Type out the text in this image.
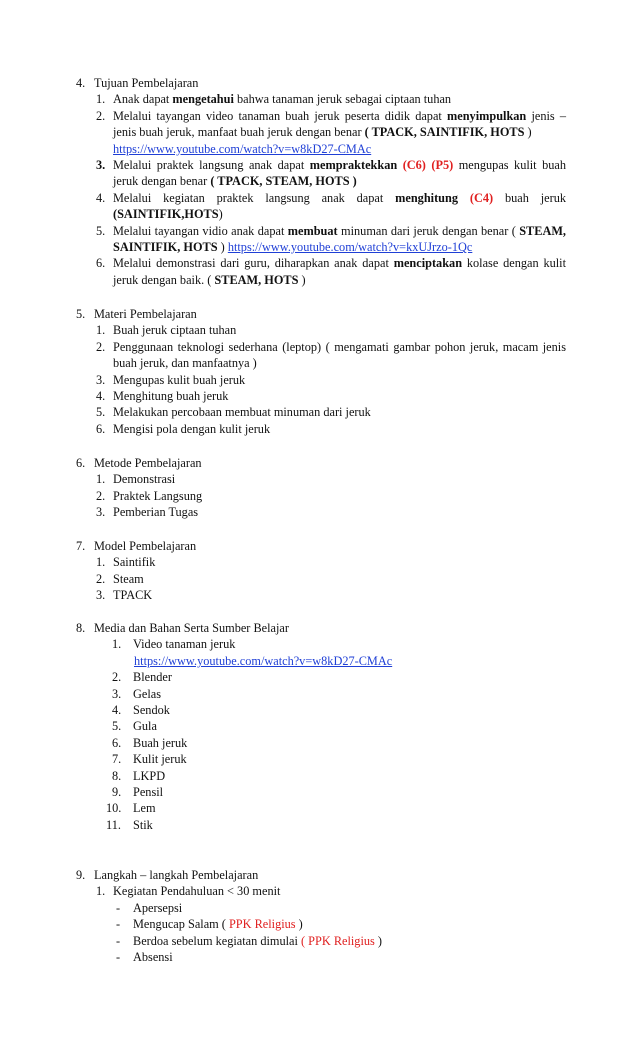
4. Tujuan Pembelajaran
1. Anak dapat mengetahui bahwa tanaman jeruk sebagai ciptaan tuhan
2. Melalui tayangan video tanaman buah jeruk peserta didik dapat menyimpulkan jenis – jenis buah jeruk, manfaat buah jeruk dengan benar ( TPACK, SAINTIFIK, HOTS )
https://www.youtube.com/watch?v=w8kD27-CMAc
3. Melalui praktek langsung anak dapat mempraktekkan (C6) (P5) mengupas kulit buah jeruk dengan benar ( TPACK, STEAM, HOTS )
4. Melalui kegiatan praktek langsung anak dapat menghitung (C4) buah jeruk (SAINTIFIK,HOTS)
5. Melalui tayangan vidio anak dapat membuat minuman dari jeruk dengan benar ( STEAM, SAINTIFIK, HOTS ) https://www.youtube.com/watch?v=kxUJrzo-1Qc
6. Melalui demonstrasi dari guru, diharapkan anak dapat menciptakan kolase dengan kulit jeruk dengan baik. ( STEAM, HOTS )
5. Materi Pembelajaran
1. Buah jeruk ciptaan tuhan
2. Penggunaan teknologi sederhana (leptop) ( mengamati gambar pohon jeruk, macam jenis buah jeruk, dan manfaatnya )
3. Mengupas kulit buah jeruk
4. Menghitung buah jeruk
5. Melakukan percobaan membuat minuman dari jeruk
6. Mengisi pola dengan kulit jeruk
6. Metode Pembelajaran
1. Demonstrasi
2. Praktek Langsung
3. Pemberian Tugas
7. Model Pembelajaran
1. Saintifik
2. Steam
3. TPACK
8. Media dan Bahan Serta Sumber Belajar
1. Video tanaman jeruk
https://www.youtube.com/watch?v=w8kD27-CMAc
2. Blender
3. Gelas
4. Sendok
5. Gula
6. Buah jeruk
7. Kulit jeruk
8. LKPD
9. Pensil
10. Lem
11. Stik
9. Langkah – langkah Pembelajaran
1. Kegiatan Pendahuluan < 30 menit
- Apersepsi
- Mengucap Salam ( PPK Religius )
- Berdoa sebelum kegiatan dimulai ( PPK Religius )
- Absensi
